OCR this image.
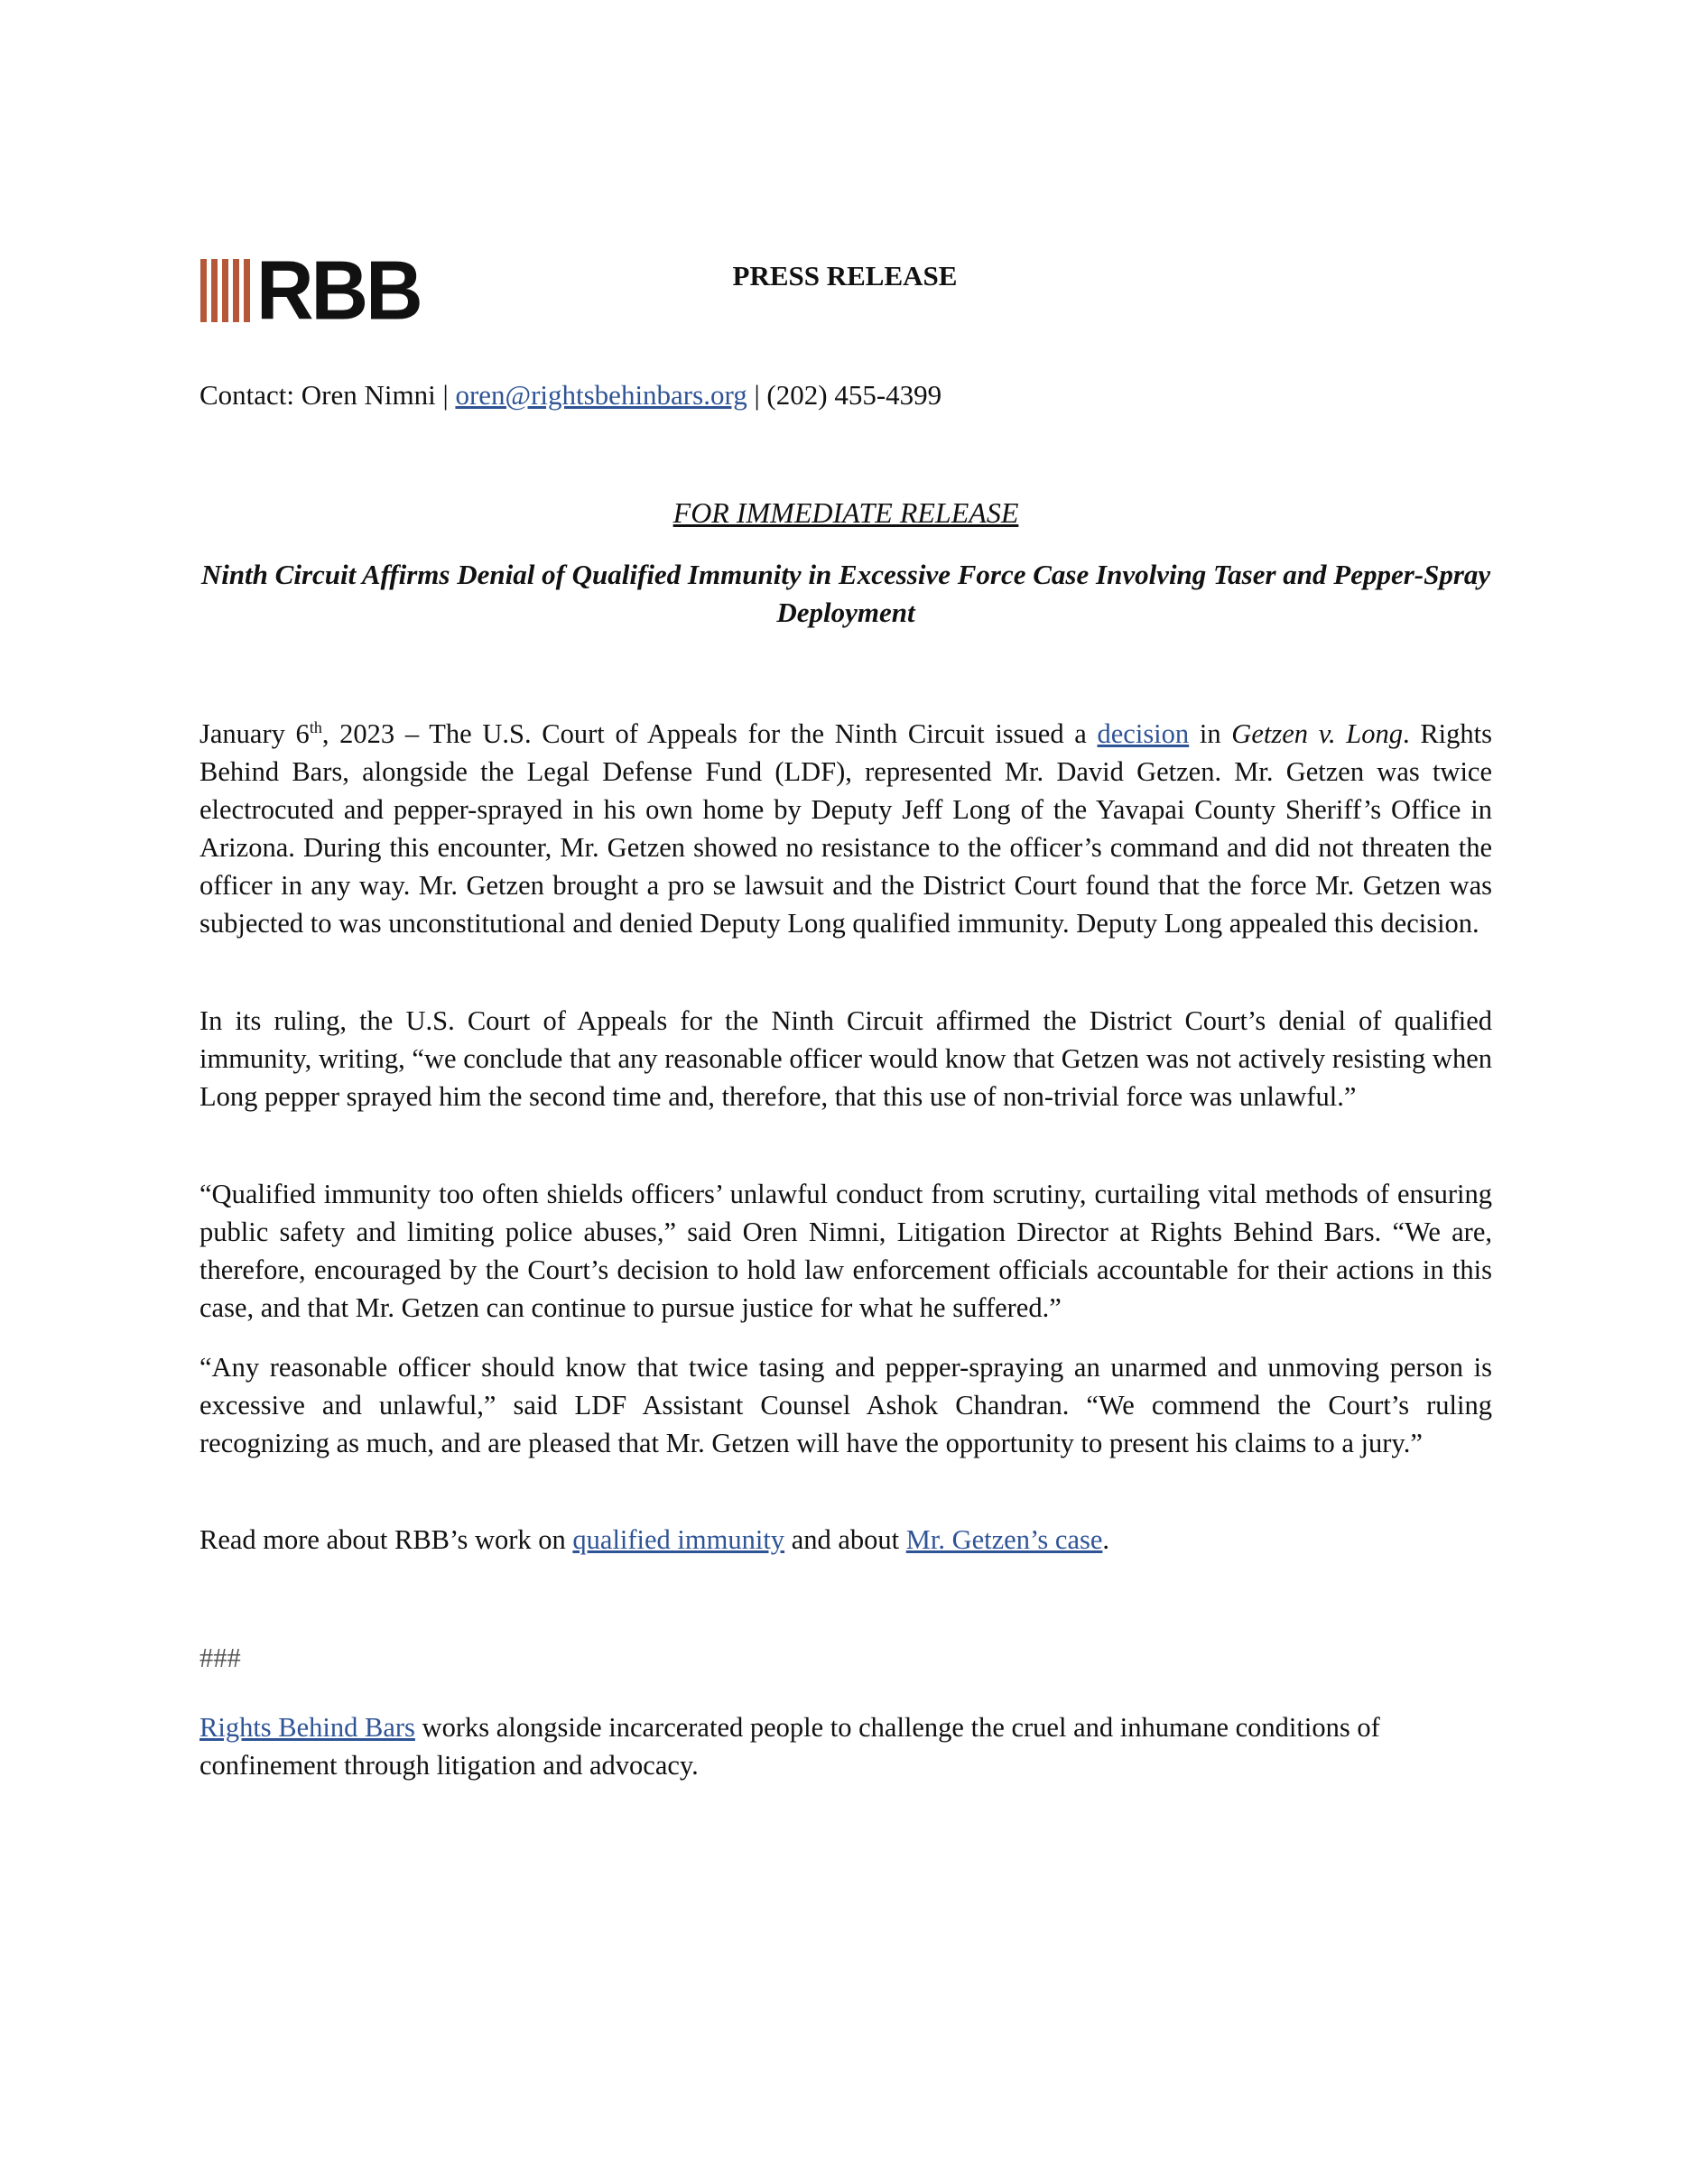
RBB	PRESS RELEASE
Contact: Oren Nimni | oren@rightsbehinbars.org | (202) 455-4399
FOR IMMEDIATE RELEASE
Ninth Circuit Affirms Denial of Qualified Immunity in Excessive Force Case Involving Taser and Pepper-Spray Deployment
January 6th, 2023 – The U.S. Court of Appeals for the Ninth Circuit issued a decision in Getzen v. Long. Rights Behind Bars, alongside the Legal Defense Fund (LDF), represented Mr. David Getzen. Mr. Getzen was twice electrocuted and pepper-sprayed in his own home by Deputy Jeff Long of the Yavapai County Sheriff’s Office in Arizona. During this encounter, Mr. Getzen showed no resistance to the officer’s command and did not threaten the officer in any way. Mr. Getzen brought a pro se lawsuit and the District Court found that the force Mr. Getzen was subjected to was unconstitutional and denied Deputy Long qualified immunity. Deputy Long appealed this decision.
In its ruling, the U.S. Court of Appeals for the Ninth Circuit affirmed the District Court’s denial of qualified immunity, writing, “we conclude that any reasonable officer would know that Getzen was not actively resisting when Long pepper sprayed him the second time and, therefore, that this use of non-trivial force was unlawful.”
“Qualified immunity too often shields officers’ unlawful conduct from scrutiny, curtailing vital methods of ensuring public safety and limiting police abuses,” said Oren Nimni, Litigation Director at Rights Behind Bars. “We are, therefore, encouraged by the Court’s decision to hold law enforcement officials accountable for their actions in this case, and that Mr. Getzen can continue to pursue justice for what he suffered.”
“Any reasonable officer should know that twice tasing and pepper-spraying an unarmed and unmoving person is excessive and unlawful,” said LDF Assistant Counsel Ashok Chandran. “We commend the Court’s ruling recognizing as much, and are pleased that Mr. Getzen will have the opportunity to present his claims to a jury.”
Read more about RBB’s work on qualified immunity and about Mr. Getzen’s case.
###
Rights Behind Bars works alongside incarcerated people to challenge the cruel and inhumane conditions of confinement through litigation and advocacy.
